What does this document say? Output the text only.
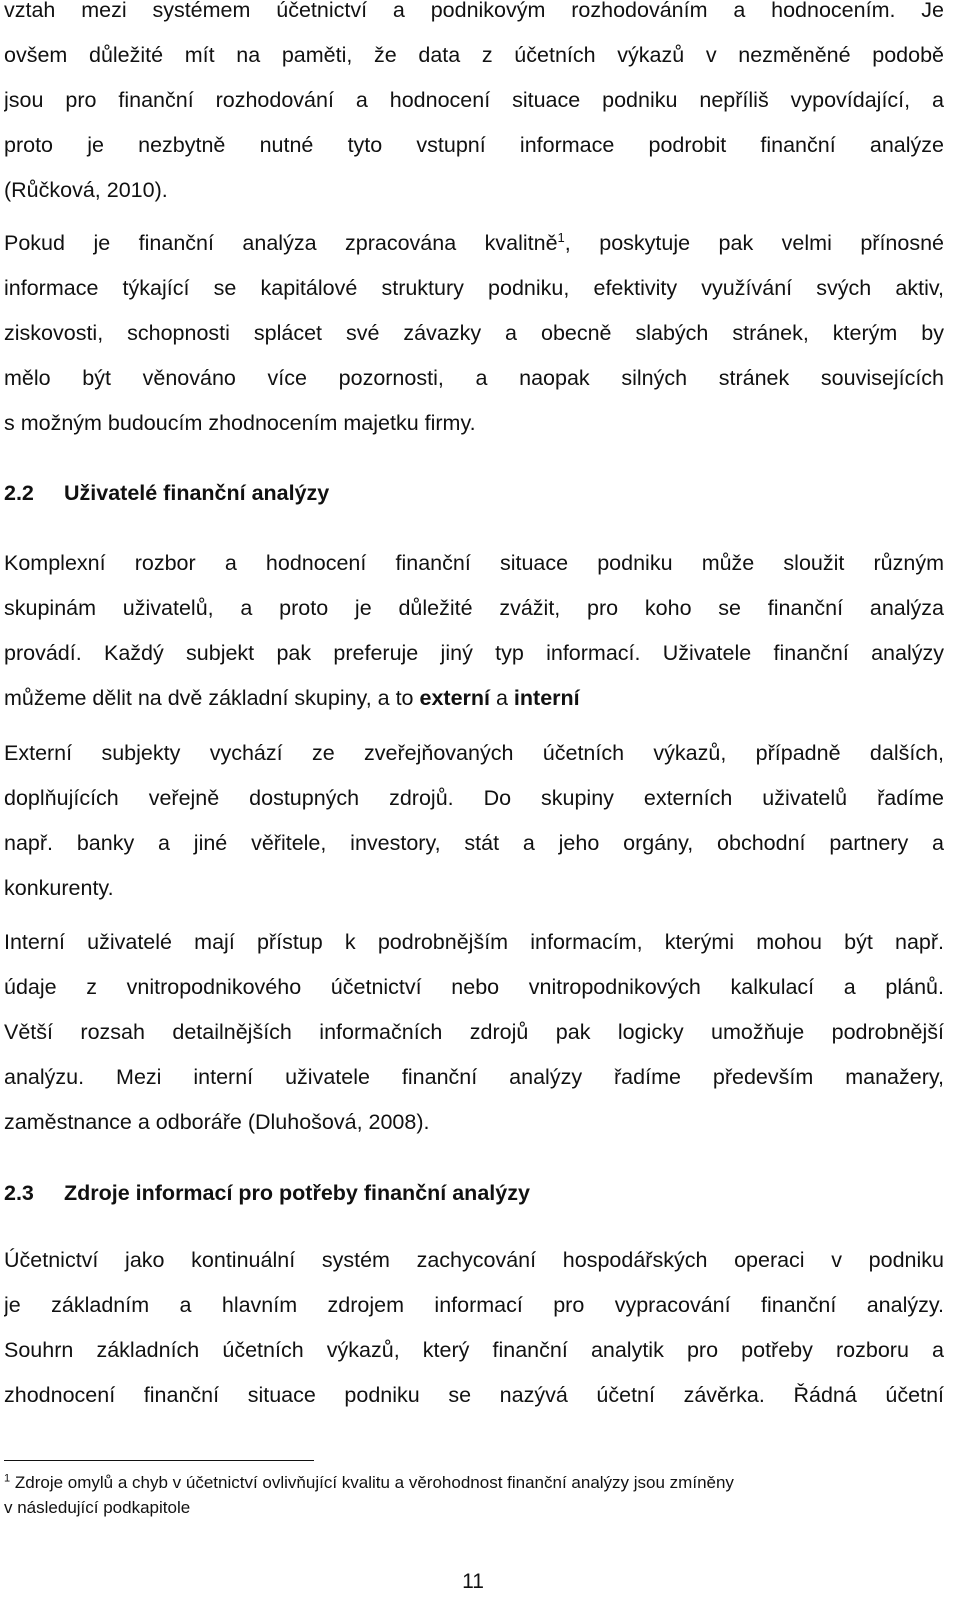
vztah mezi systémem účetnictví a podnikovým rozhodováním a hodnocením. Je
ovšem důležité mít na paměti, že data z účetních výkazů v nezměněné podobě
jsou pro finanční rozhodování a hodnocení situace podniku nepříliš vypovídající, a
proto je nezbytně nutné tyto vstupní informace podrobit finanční analýze
(Růčková, 2010).
Pokud je finanční analýza zpracována kvalitně$^1$, poskytuje pak velmi přínosné
informace týkající se kapitálové struktury podniku, efektivity využívání svých aktiv,
ziskovosti, schopnosti splácet své závazky a obecně slabých stránek, kterým by
mělo být věnováno více pozornosti, a naopak silných stránek souvisejících
s možným budoucím zhodnocením majetku firmy.
2.2 Uživatelé finanční analýzy
Komplexní rozbor a hodnocení finanční situace podniku může sloužit různým
skupinám uživatelů, a proto je důležité zvážit, pro koho se finanční analýza
provádí. Každý subjekt pak preferuje jiný typ informací. Uživatele finanční analýzy
můžeme dělit na dvě základní skupiny, a to externí a interní
Externí subjekty vychází ze zveřejňovaných účetních výkazů, případně dalších,
doplňujících veřejně dostupných zdrojů. Do skupiny externích uživatelů řadíme
např. banky a jiné věřitele, investory, stát a jeho orgány, obchodní partnery a
konkurenty.
Interní uživatelé mají přístup k podrobnějším informacím, kterými mohou být např.
údaje z vnitropodnikového účetnictví nebo vnitropodnikových kalkulací a plánů.
Větší rozsah detailnějších informačních zdrojů pak logicky umožňuje podrobnější
analýzu. Mezi interní uživatele finanční analýzy řadíme především manažery,
zaměstnance a odboráře (Dluhošová, 2008).
2.3 Zdroje informací pro potřeby finanční analýzy
Účetnictví jako kontinuální systém zachycování hospodářských operaci v podniku
je základním a hlavním zdrojem informací pro vypracování finanční analýzy.
Souhrn základních účetních výkazů, který finanční analytik pro potřeby rozboru a
zhodnocení finanční situace podniku se nazývá účetní závěrka. Řádná účetní
$^1$ Zdroje omylů a chyb v účetnictví ovlivňující kvalitu a věrohodnost finanční analýzy jsou zmíněny
v následující podkapitole
11
